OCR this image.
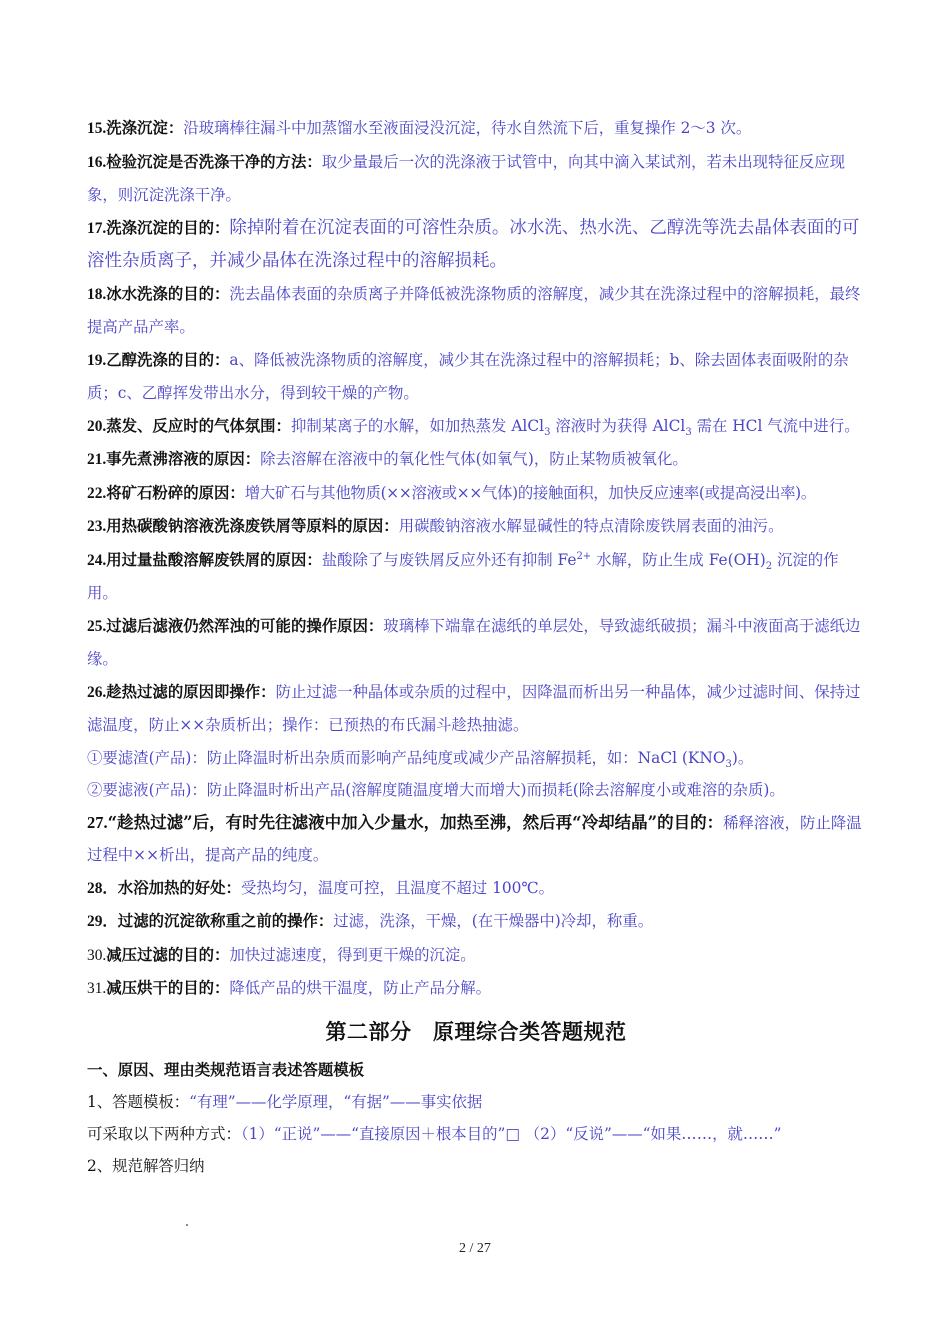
15.洗涤沉淀：沿玻璃棒往漏斗中加蒸馏水至液面浸没沉淀，待水自然流下后，重复操作 2～3 次。

16.检验沉淀是否洗涤干净的方法：取少量最后一次的洗涤液于试管中，向其中滴入某试剂，若未出现特征反应现象，则沉淀洗涤干净。

17.洗涤沉淀的目的：除掉附着在沉淀表面的可溶性杂质。冰水洗、热水洗、乙醇洗等洗去晶体表面的可溶性杂质离子，并减少晶体在洗涤过程中的溶解损耗。

18.冰水洗涤的目的：洗去晶体表面的杂质离子并降低被洗涤物质的溶解度，减少其在洗涤过程中的溶解损耗，最终提高产品产率。

19.乙醇洗涤的目的：a、降低被洗涤物质的溶解度，减少其在洗涤过程中的溶解损耗；b、除去固体表面吸附的杂质；c、乙醇挥发带出水分，得到较干燥的产物。

20.蒸发、反应时的气体氛围：抑制某离子的水解，如加热蒸发 AlCl$_3$ 溶液时为获得 AlCl$_3$ 需在 HCl 气流中进行。

21.事先煮沸溶液的原因：除去溶解在溶液中的氧化性气体(如氧气)，防止某物质被氧化。

22.将矿石粉碎的原因：增大矿石与其他物质(××溶液或××气体)的接触面积，加快反应速率(或提高浸出率)。

23.用热碳酸钠溶液洗涤废铁屑等原料的原因：用碳酸钠溶液水解显碱性的特点清除废铁屑表面的油污。

24.用过量盐酸溶解废铁屑的原因：盐酸除了与废铁屑反应外还有抑制 $Fe^{2+}$ 水解，防止生成 $Fe(OH)_2$ 沉淀的作用。

25.过滤后滤液仍然浑浊的可能的操作原因：玻璃棒下端靠在滤纸的单层处，导致滤纸破损；漏斗中液面高于滤纸边缘。

26.趁热过滤的原因即操作：防止过滤一种晶体或杂质的过程中，因降温而析出另一种晶体，减少过滤时间、保持过滤温度，防止××杂质析出；操作：已预热的布氏漏斗趁热抽滤。

①要滤渣(产品)：防止降温时析出杂质而影响产品纯度或减少产品溶解损耗，如：NaCl $(KNO_3)$。

②要滤液(产品)：防止降温时析出产品(溶解度随温度增大而增大)而损耗(除去溶解度小或难溶的杂质)。

27.“趁热过滤”后，有时先往滤液中加入少量水，加热至沸，然后再“冷却结晶”的目的：稀释溶液，防止降温过程中××析出，提高产品的纯度。

28．水浴加热的好处：受热均匀，温度可控，且温度不超过 100℃。

29．过滤的沉淀欲称重之前的操作：过滤，洗涤，干燥，(在干燥器中)冷却，称重。

30.减压过滤的目的：加快过滤速度，得到更干燥的沉淀。

31.减压烘干的目的：降低产品的烘干温度，防止产品分解。

第二部分　原理综合类答题规范

一、原因、理由类规范语言表述答题模板

1、答题模板：“有理”——化学原理，“有据”——事实依据

可采取以下两种方式：（1）“正说”——“直接原因＋根本目的”□ （2）“反说”——“如果……，就……”

2、规范解答归纳

2 / 27
